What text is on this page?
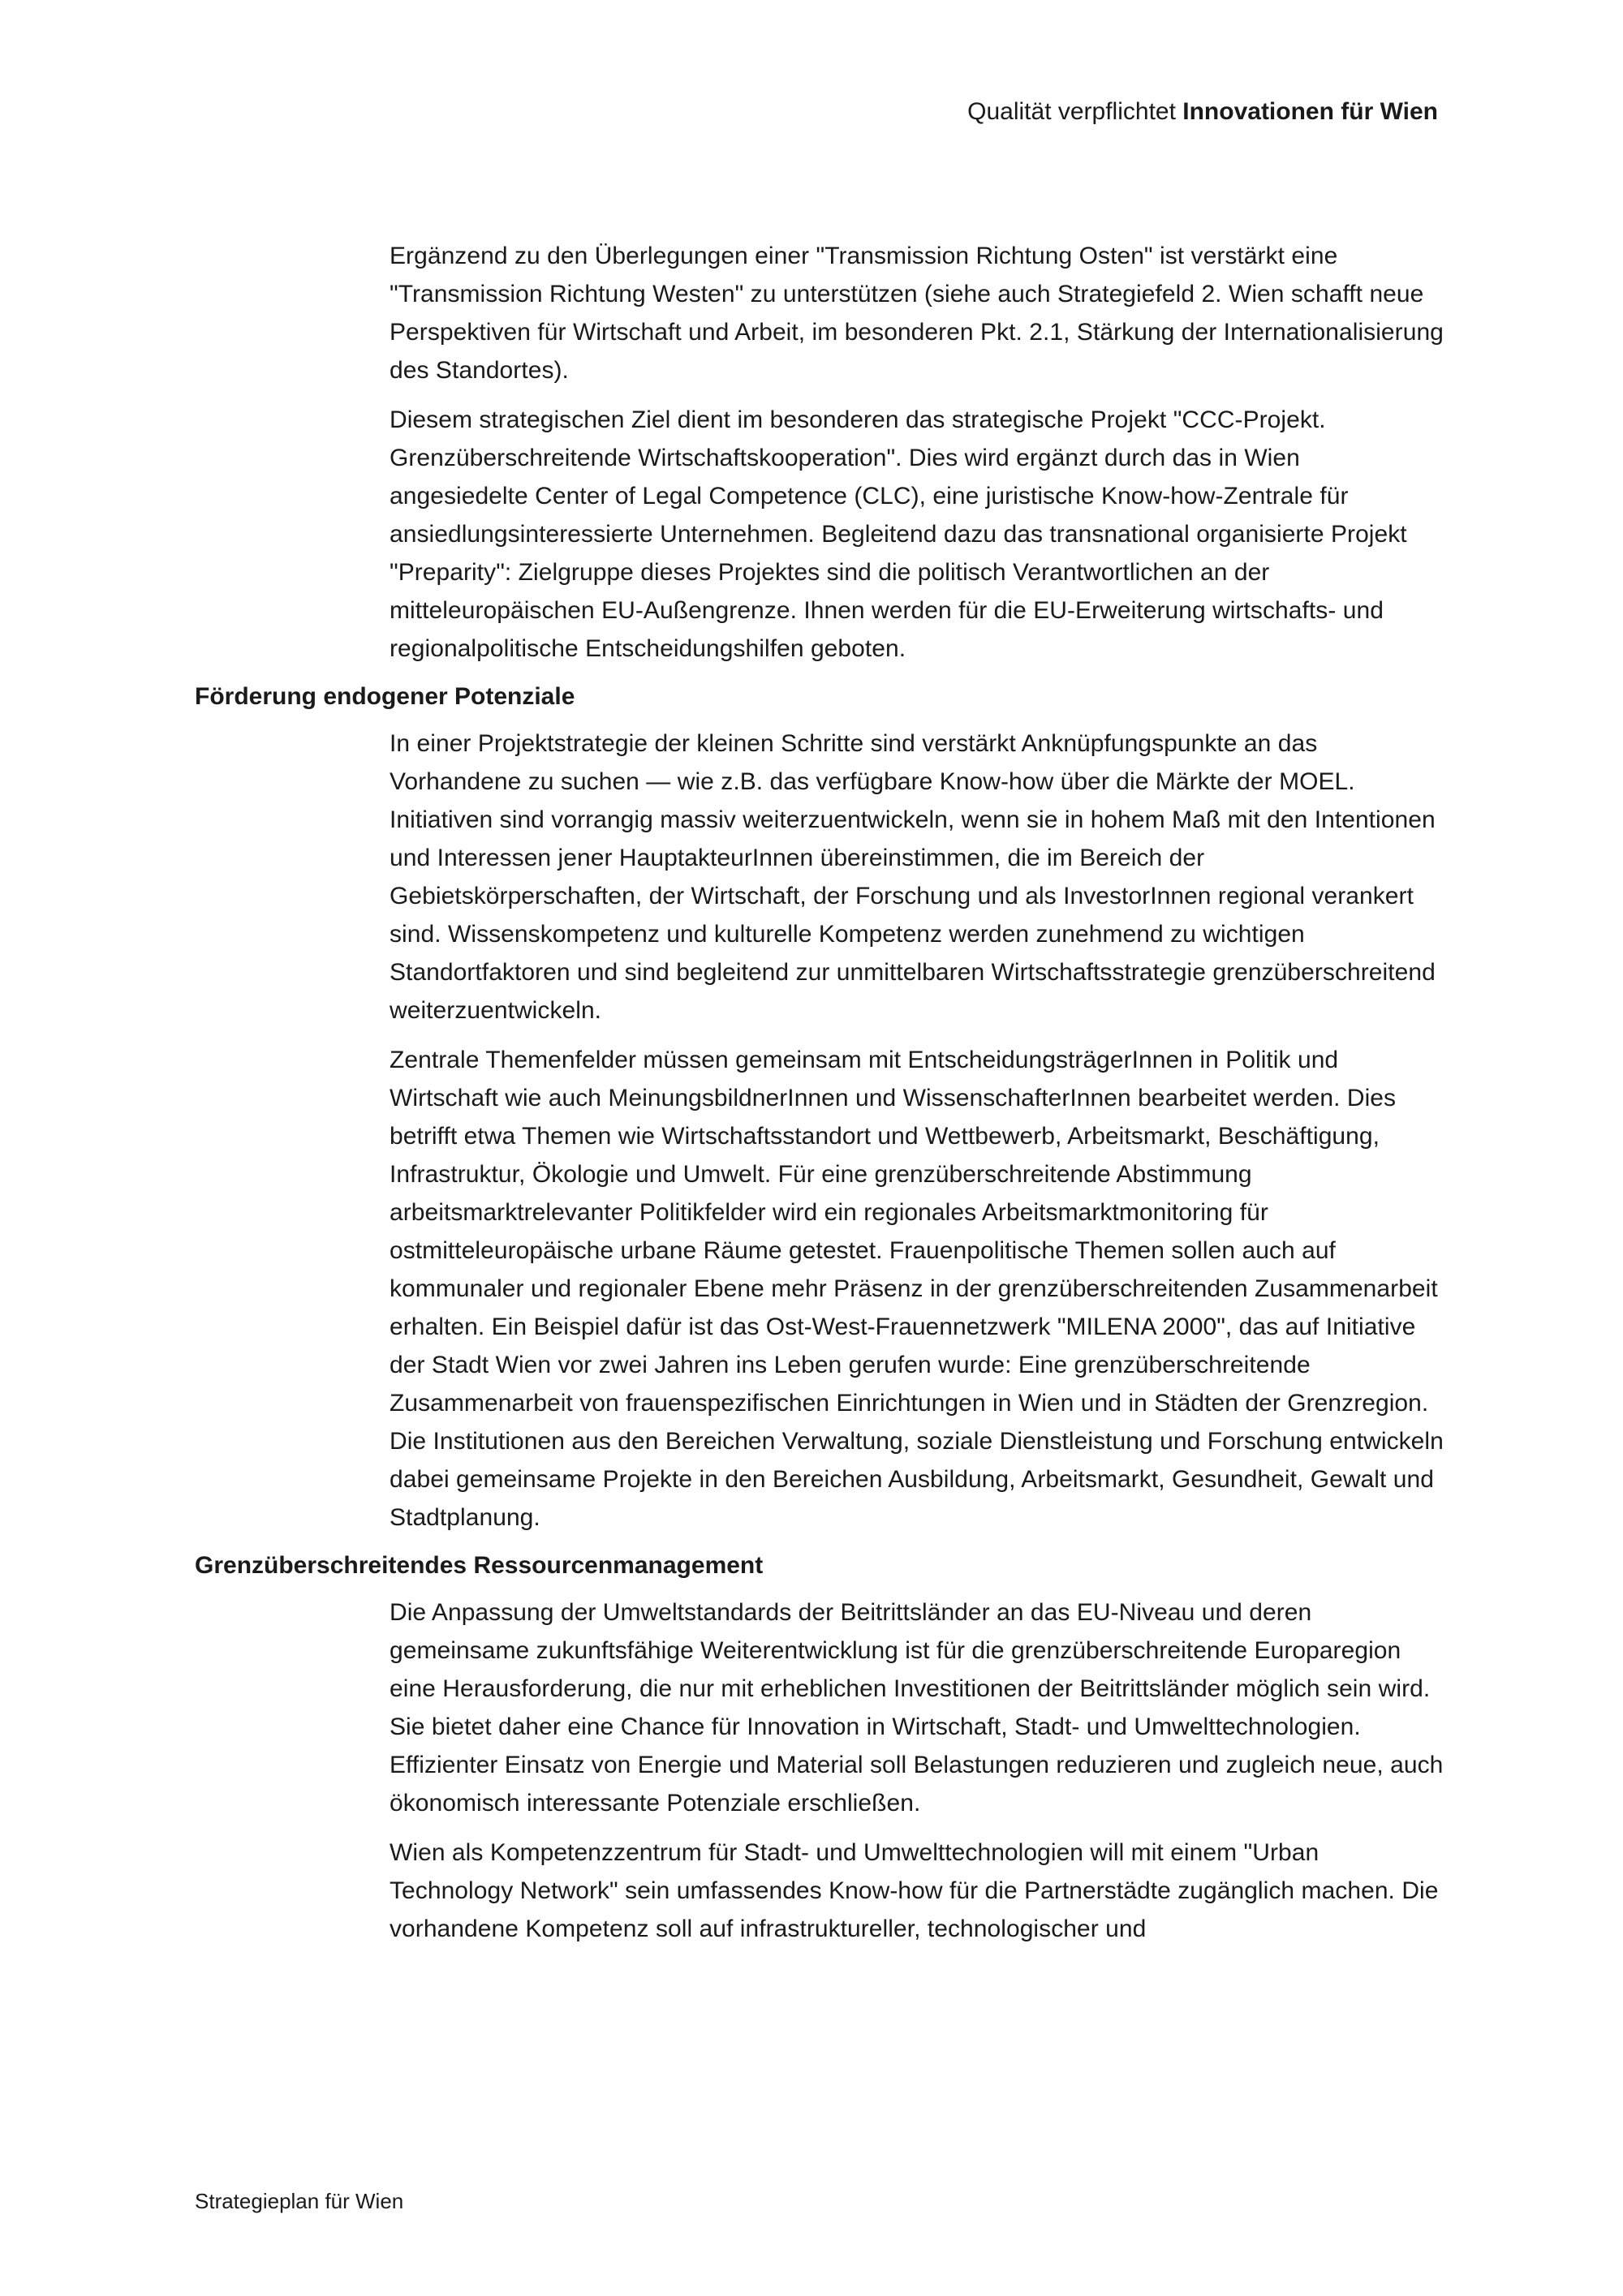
Qualität verpflichtet Innovationen für Wien

Ergänzend zu den Überlegungen einer "Transmission Richtung Osten" ist verstärkt eine "Transmission Richtung Westen" zu unterstützen (siehe auch Strategiefeld 2. Wien schafft neue Perspektiven für Wirtschaft und Arbeit, im besonderen Pkt. 2.1, Stärkung der Internationalisierung des Standortes).

Diesem strategischen Ziel dient im besonderen das strategische Projekt "CCC-Projekt. Grenzüberschreitende Wirtschaftskooperation". Dies wird ergänzt durch das in Wien angesiedelte Center of Legal Competence (CLC), eine juristische Know-how-Zentrale für ansiedlungsinteressierte Unternehmen. Begleitend dazu das transnational organisierte Projekt "Preparity": Zielgruppe dieses Projektes sind die politisch Verantwortlichen an der mitteleuropäischen EU-Außengrenze. Ihnen werden für die EU-Erweiterung wirtschafts- und regionalpolitische Entscheidungshilfen geboten.

Förderung endogener Potenziale

In einer Projektstrategie der kleinen Schritte sind verstärkt Anknüpfungspunkte an das Vorhandene zu suchen — wie z.B. das verfügbare Know-how über die Märkte der MOEL. Initiativen sind vorrangig massiv weiterzuentwickeln, wenn sie in hohem Maß mit den Intentionen und Interessen jener HauptakteurInnen übereinstimmen, die im Bereich der Gebietskörperschaften, der Wirtschaft, der Forschung und als InvestorInnen regional verankert sind. Wissenskompetenz und kulturelle Kompetenz werden zunehmend zu wichtigen Standortfaktoren und sind begleitend zur unmittelbaren Wirtschaftsstrategie grenzüberschreitend weiterzuentwickeln.

Zentrale Themenfelder müssen gemeinsam mit EntscheidungsträgerInnen in Politik und Wirtschaft wie auch MeinungsbildnerInnen und WissenschafterInnen bearbeitet werden. Dies betrifft etwa Themen wie Wirtschaftsstandort und Wettbewerb, Arbeitsmarkt, Beschäftigung, Infrastruktur, Ökologie und Umwelt. Für eine grenzüberschreitende Abstimmung arbeitsmarktrelevanter Politikfelder wird ein regionales Arbeitsmarktmonitoring für ostmitteleuropäische urbane Räume getestet. Frauenpolitische Themen sollen auch auf kommunaler und regionaler Ebene mehr Präsenz in der grenzüberschreitenden Zusammenarbeit erhalten. Ein Beispiel dafür ist das Ost-West-Frauennetzwerk "MILENA 2000", das auf Initiative der Stadt Wien vor zwei Jahren ins Leben gerufen wurde: Eine grenzüberschreitende Zusammenarbeit von frauenspezifischen Einrichtungen in Wien und in Städten der Grenzregion. Die Institutionen aus den Bereichen Verwaltung, soziale Dienstleistung und Forschung entwickeln dabei gemeinsame Projekte in den Bereichen Ausbildung, Arbeitsmarkt, Gesundheit, Gewalt und Stadtplanung.

Grenzüberschreitendes Ressourcenmanagement

Die Anpassung der Umweltstandards der Beitrittsländer an das EU-Niveau und deren gemeinsame zukunftsfähige Weiterentwicklung ist für die grenzüberschreitende Europaregion eine Herausforderung, die nur mit erheblichen Investitionen der Beitrittsländer möglich sein wird. Sie bietet daher eine Chance für Innovation in Wirtschaft, Stadt- und Umwelttechnologien. Effizienter Einsatz von Energie und Material soll Belastungen reduzieren und zugleich neue, auch ökonomisch interessante Potenziale erschließen.

Wien als Kompetenzzentrum für Stadt- und Umwelttechnologien will mit einem "Urban Technology Network" sein umfassendes Know-how für die Partnerstädte zugänglich machen. Die vorhandene Kompetenz soll auf infrastruktureller, technologischer und

Strategieplan für Wien
